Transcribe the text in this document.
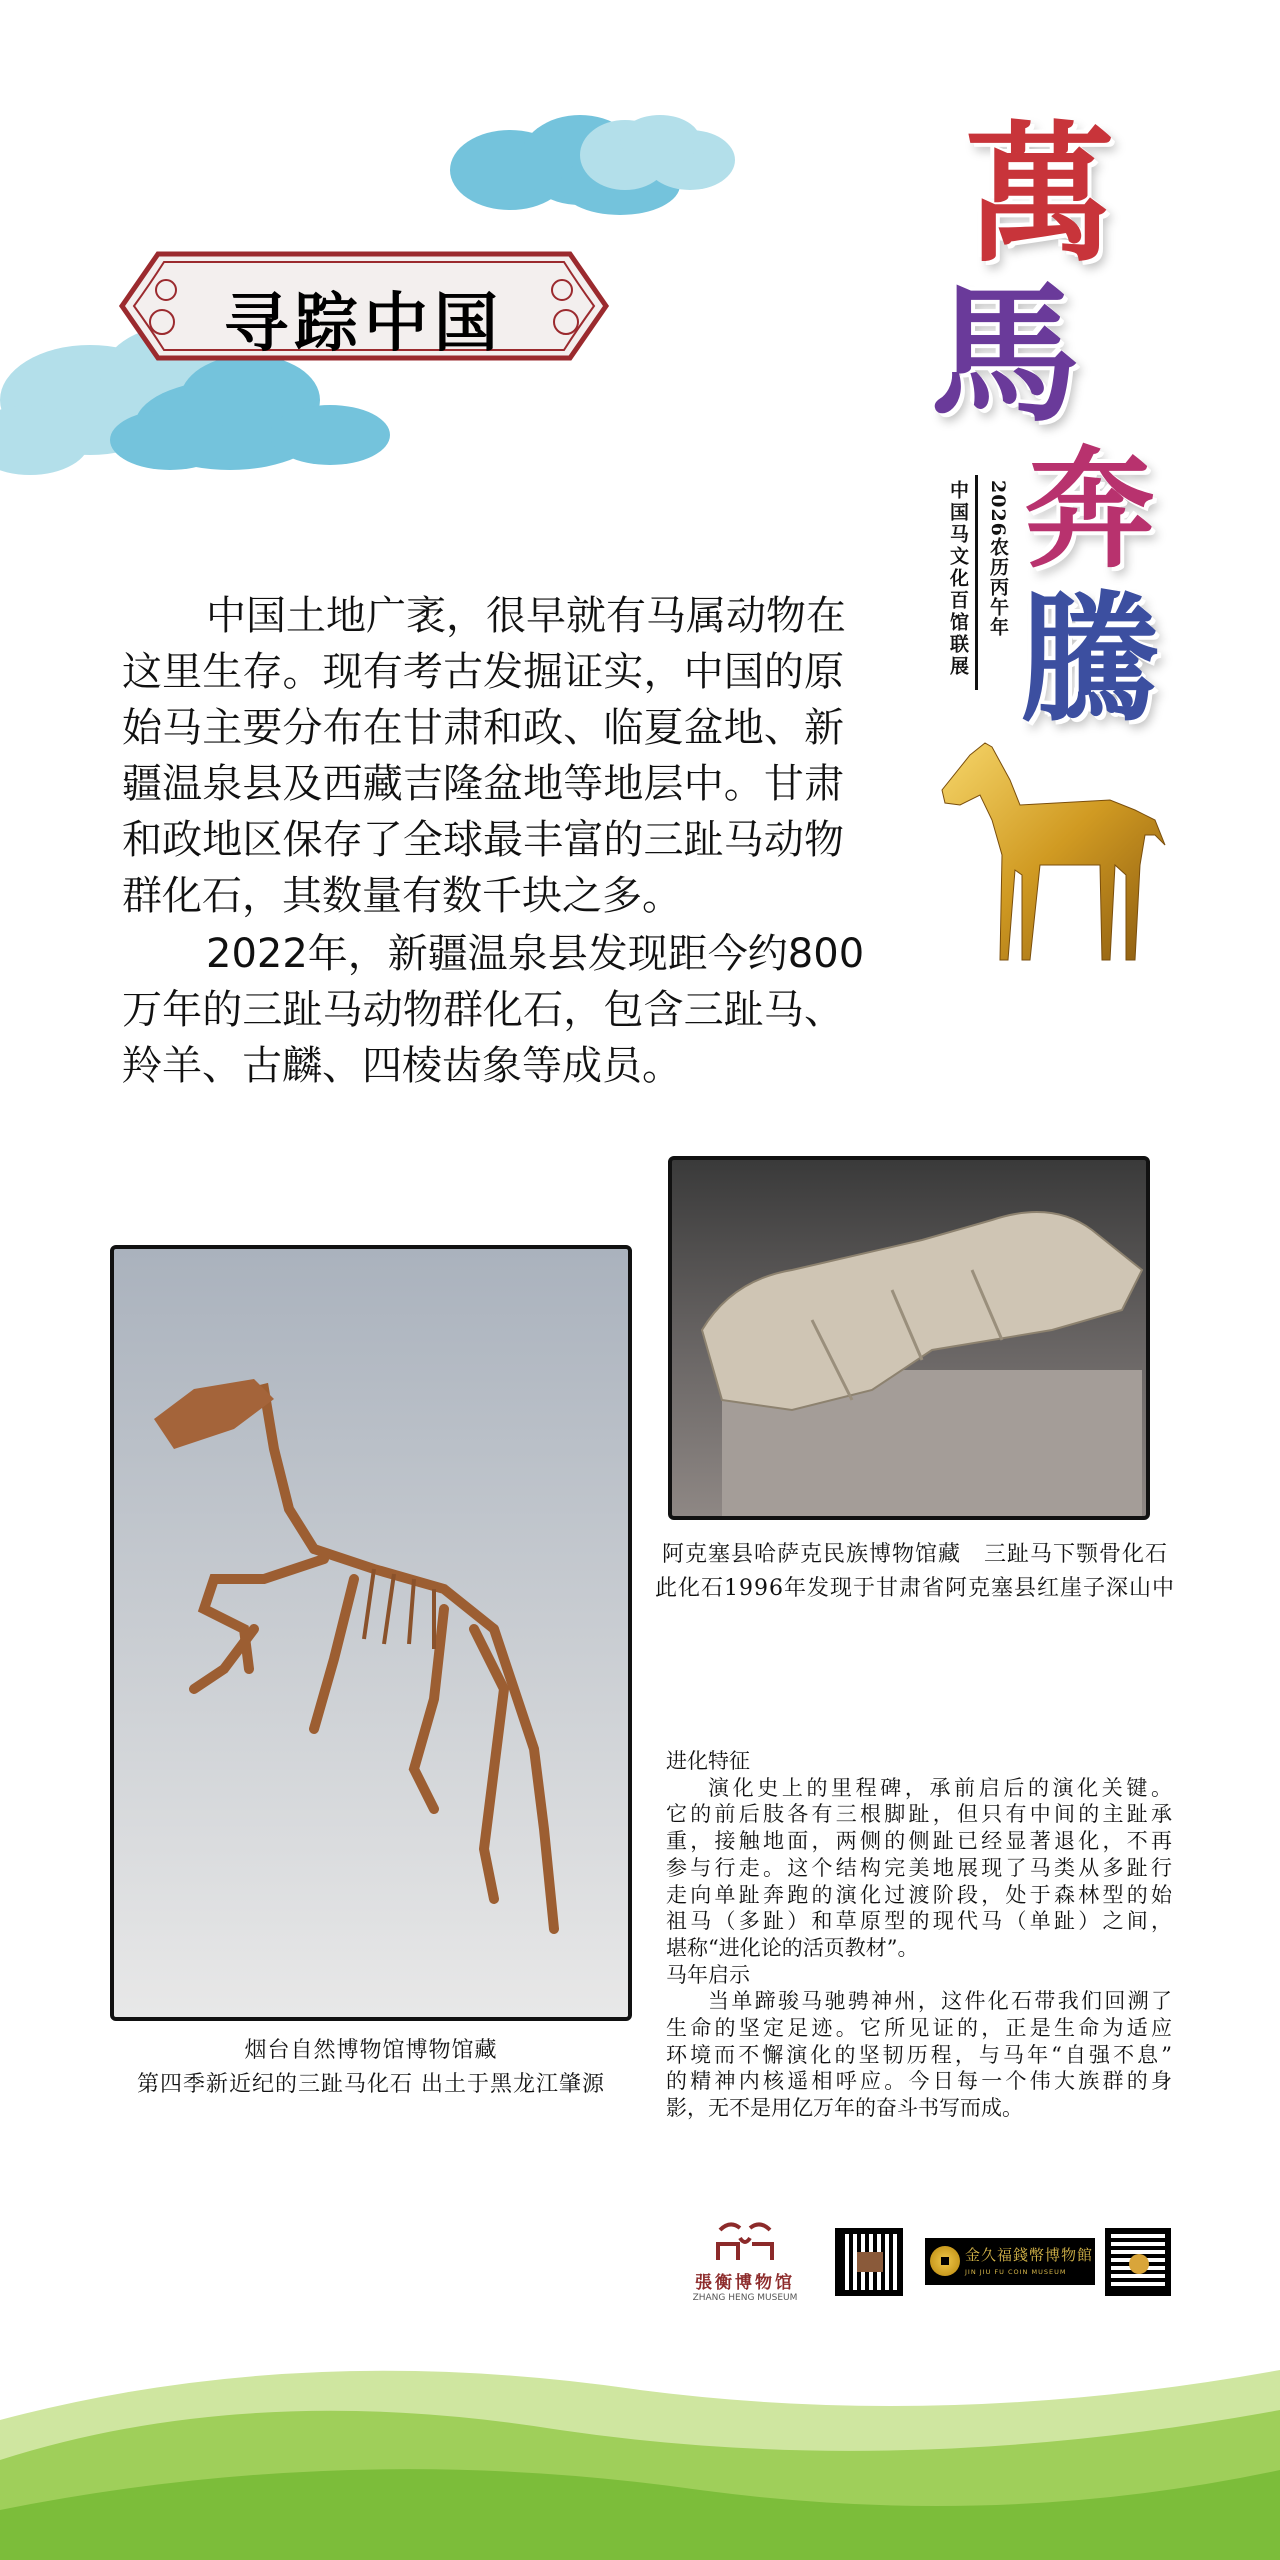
寻踪中国
萬
馬
奔
騰
中国马文化百馆联展 2026农历丙午年
中国土地广袤，很早就有马属动物在
这里生存。现有考古发掘证实，中国的原
始马主要分布在甘肃和政、临夏盆地、新
疆温泉县及西藏吉隆盆地等地层中。甘肃
和政地区保存了全球最丰富的三趾马动物
群化石，其数量有数千块之多。
2022年，新疆温泉县发现距今约800
万年的三趾马动物群化石，包含三趾马、
羚羊、古麟、四棱齿象等成员。
阿克塞县哈萨克民族博物馆藏　三趾马下颚骨化石
此化石1996年发现于甘肃省阿克塞县红崖子深山中
烟台自然博物馆博物馆藏
第四季新近纪的三趾马化石 出土于黑龙江肇源
进化特征
演化史上的里程碑，承前启后的演化关键。
它的前后肢各有三根脚趾，但只有中间的主趾承
重，接触地面，两侧的侧趾已经显著退化，不再
参与行走。这个结构完美地展现了马类从多趾行
走向单趾奔跑的演化过渡阶段，处于森林型的始
祖马（多趾）和草原型的现代马（单趾）之间，
堪称“进化论的活页教材”。
马年启示
当单蹄骏马驰骋神州，这件化石带我们回溯了
生命的坚定足迹。它所见证的，正是生命为适应
环境而不懈演化的坚韧历程，与马年“自强不息”
的精神内核遥相呼应。今日每一个伟大族群的身
影，无不是用亿万年的奋斗书写而成。
張衡博物馆
ZHANG HENG MUSEUM
金久福錢幣博物館
JIN JIU FU COIN MUSEUM
